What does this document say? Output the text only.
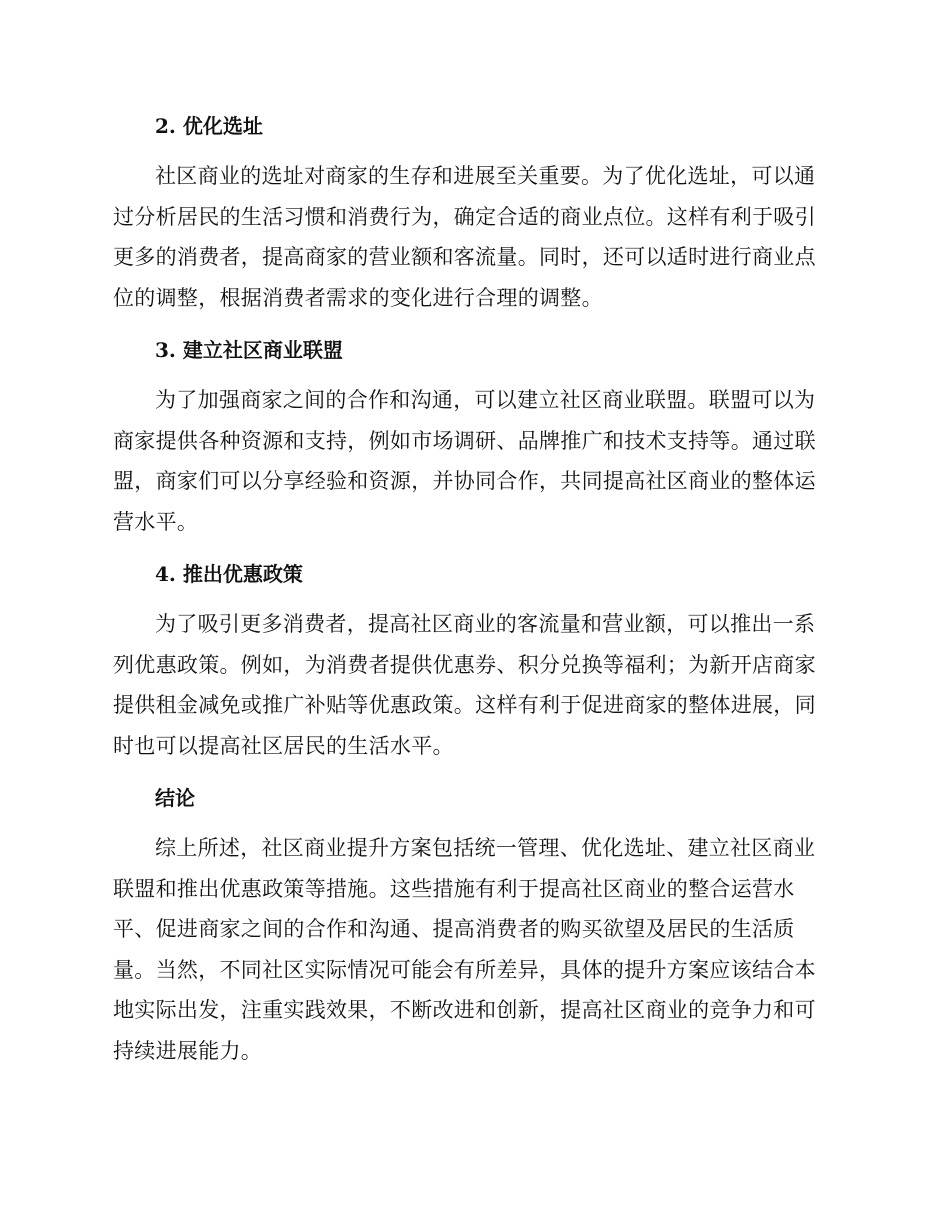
2. 优化选址

社区商业的选址对商家的生存和进展至关重要。为了优化选址，可以通
过分析居民的生活习惯和消费行为，确定合适的商业点位。这样有利于吸引
更多的消费者，提高商家的营业额和客流量。同时，还可以适时进行商业点
位的调整，根据消费者需求的变化进行合理的调整。

3. 建立社区商业联盟

为了加强商家之间的合作和沟通，可以建立社区商业联盟。联盟可以为
商家提供各种资源和支持，例如市场调研、品牌推广和技术支持等。通过联
盟，商家们可以分享经验和资源，并协同合作，共同提高社区商业的整体运
营水平。

4. 推出优惠政策

为了吸引更多消费者，提高社区商业的客流量和营业额，可以推出一系
列优惠政策。例如，为消费者提供优惠券、积分兑换等福利；为新开店商家
提供租金减免或推广补贴等优惠政策。这样有利于促进商家的整体进展，同
时也可以提高社区居民的生活水平。

结论

综上所述，社区商业提升方案包括统一管理、优化选址、建立社区商业
联盟和推出优惠政策等措施。这些措施有利于提高社区商业的整合运营水
平、促进商家之间的合作和沟通、提高消费者的购买欲望及居民的生活质
量。当然，不同社区实际情况可能会有所差异，具体的提升方案应该结合本
地实际出发，注重实践效果，不断改进和创新，提高社区商业的竞争力和可
持续进展能力。
